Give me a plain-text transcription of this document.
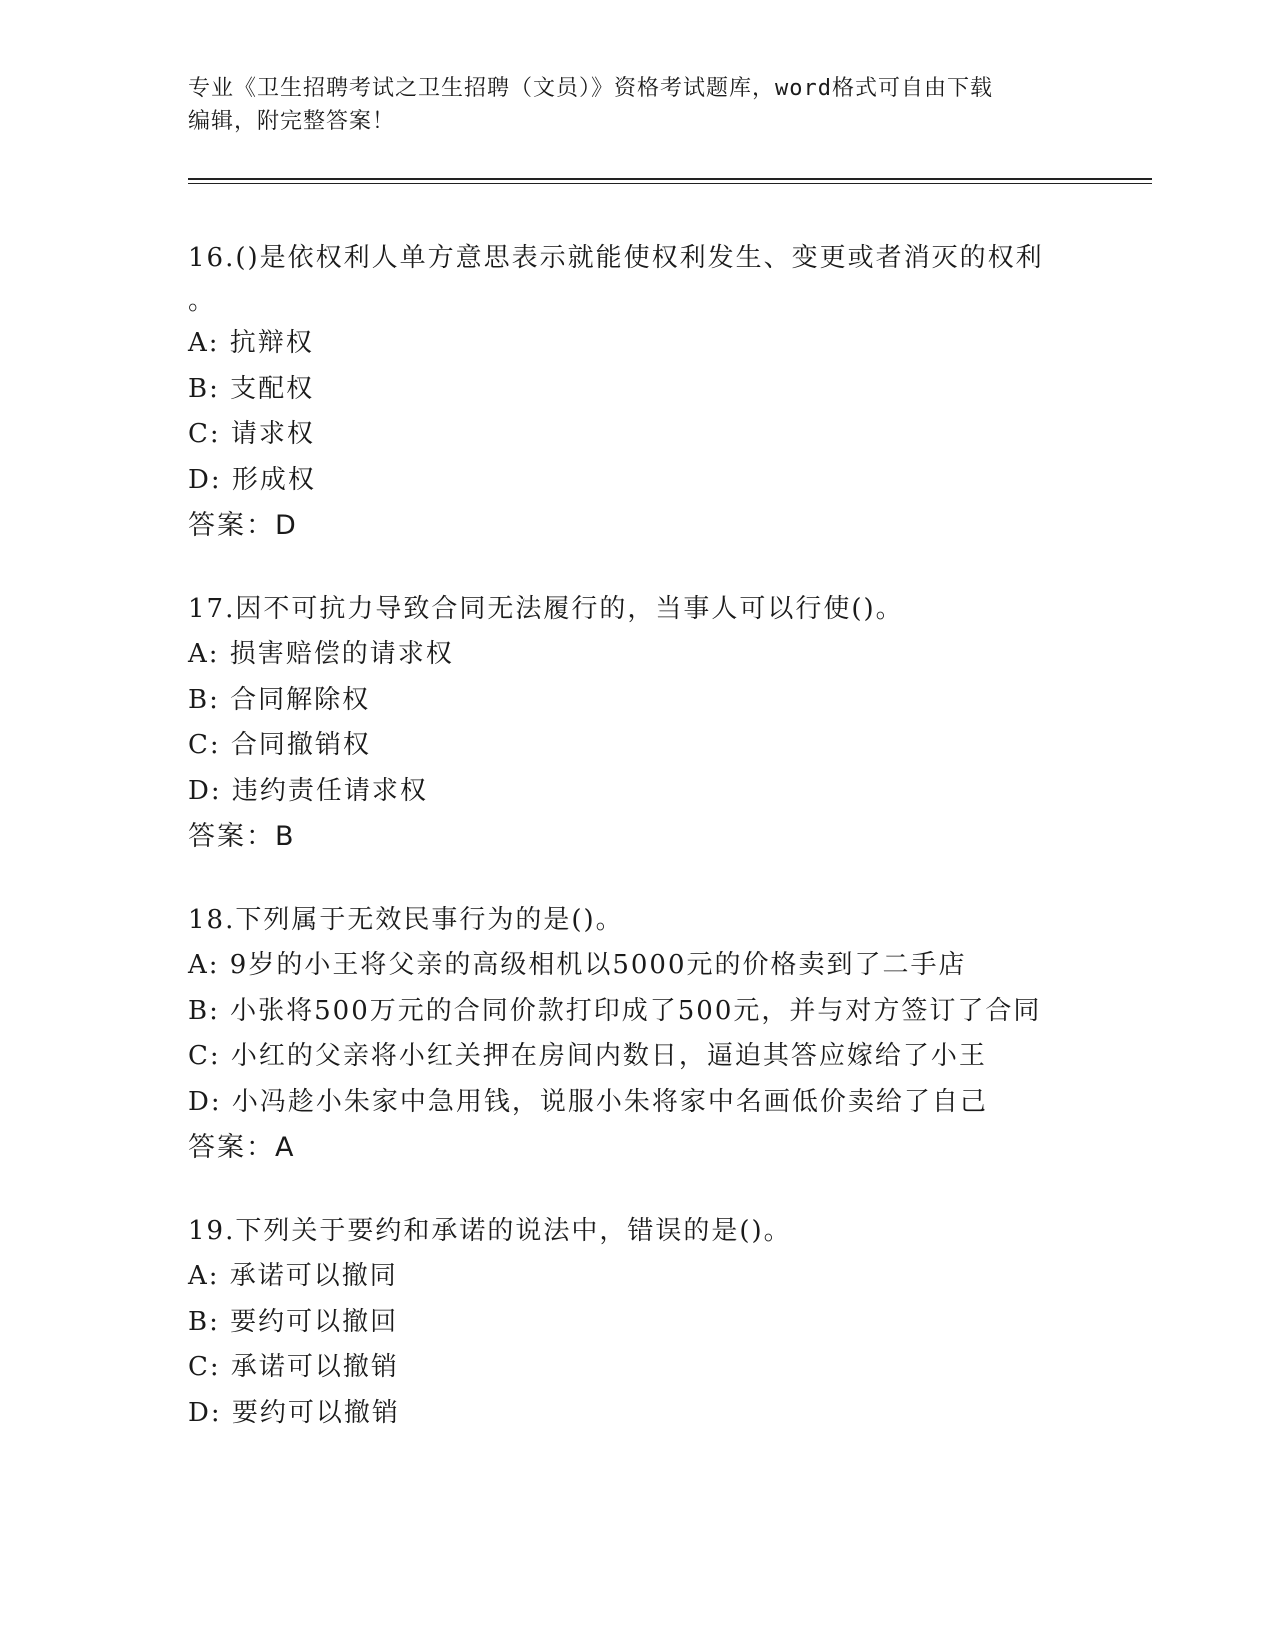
专业《卫生招聘考试之卫生招聘（文员）》资格考试题库，word格式可自由下载
编辑，附完整答案！
16.()是依权利人单方意思表示就能使权利发生、变更或者消灭的权利
。
A: 抗辩权
B: 支配权
C: 请求权
D: 形成权
答案：D
17.因不可抗力导致合同无法履行的，当事人可以行使()。
A: 损害赔偿的请求权
B: 合同解除权
C: 合同撤销权
D: 违约责任请求权
答案：B
18.下列属于无效民事行为的是()。
A: 9岁的小王将父亲的高级相机以5000元的价格卖到了二手店
B: 小张将500万元的合同价款打印成了500元，并与对方签订了合同
C: 小红的父亲将小红关押在房间内数日，逼迫其答应嫁给了小王
D: 小冯趁小朱家中急用钱，说服小朱将家中名画低价卖给了自己
答案：A
19.下列关于要约和承诺的说法中，错误的是()。
A: 承诺可以撤同
B: 要约可以撤回
C: 承诺可以撤销
D: 要约可以撤销
